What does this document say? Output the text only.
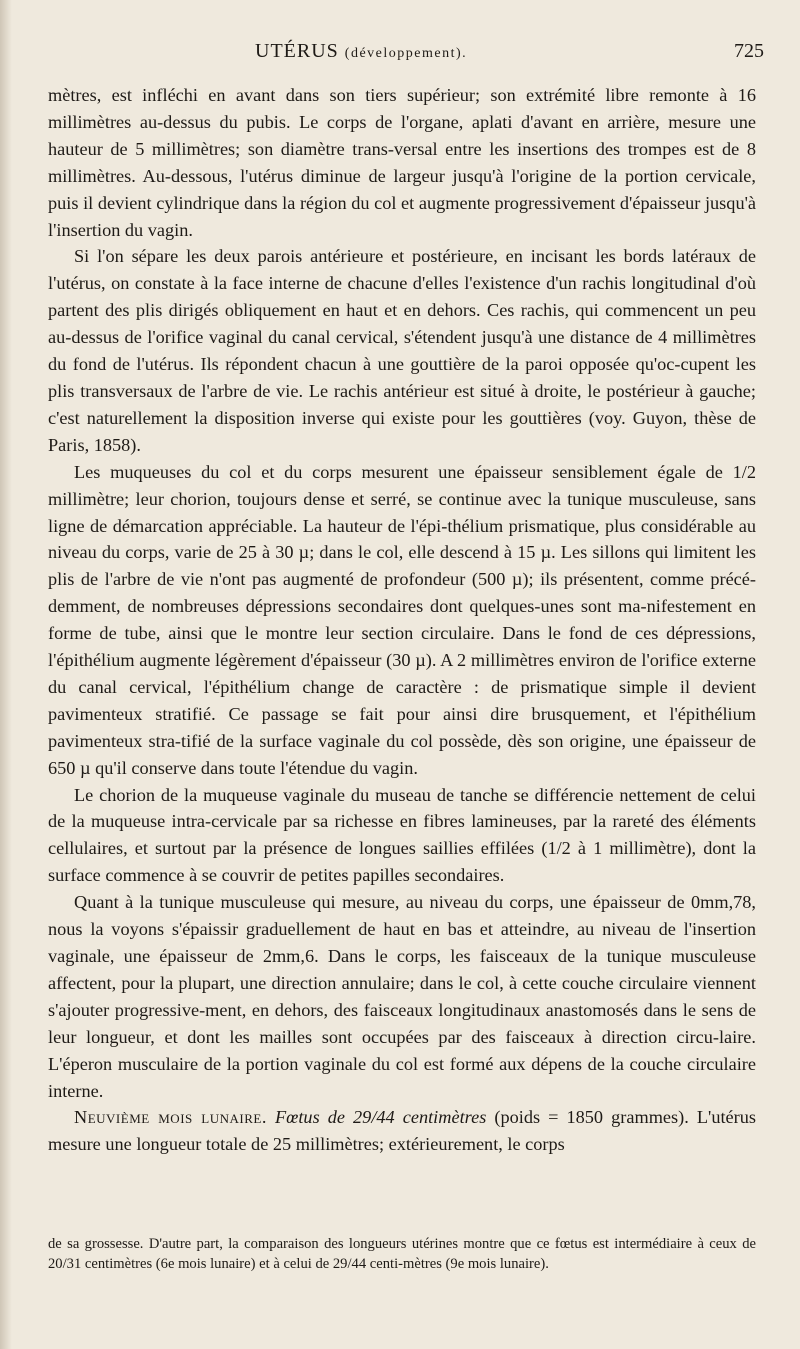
UTÉRUS (développement).	725

mètres, est infléchi en avant dans son tiers supérieur; son extrémité libre remonte à 16 millimètres au-dessus du pubis. Le corps de l'organe, aplati d'avant en arrière, mesure une hauteur de 5 millimètres; son diamètre trans-versal entre les insertions des trompes est de 8 millimètres. Au-dessous, l'utérus diminue de largeur jusqu'à l'origine de la portion cervicale, puis il devient cylindrique dans la région du col et augmente progressivement d'épaisseur jusqu'à l'insertion du vagin.

Si l'on sépare les deux parois antérieure et postérieure, en incisant les bords latéraux de l'utérus, on constate à la face interne de chacune d'elles l'existence d'un rachis longitudinal d'où partent des plis dirigés obliquement en haut et en dehors. Ces rachis, qui commencent un peu au-dessus de l'orifice vaginal du canal cervical, s'étendent jusqu'à une distance de 4 millimètres du fond de l'utérus. Ils répondent chacun à une gouttière de la paroi opposée qu'oc-cupent les plis transversaux de l'arbre de vie. Le rachis antérieur est situé à droite, le postérieur à gauche; c'est naturellement la disposition inverse qui existe pour les gouttières (voy. Guyon, thèse de Paris, 1858).

Les muqueuses du col et du corps mesurent une épaisseur sensiblement égale de 1/2 millimètre; leur chorion, toujours dense et serré, se continue avec la tunique musculeuse, sans ligne de démarcation appréciable. La hauteur de l'épi-thélium prismatique, plus considérable au niveau du corps, varie de 25 à 30 µ; dans le col, elle descend à 15 µ. Les sillons qui limitent les plis de l'arbre de vie n'ont pas augmenté de profondeur (500 µ); ils présentent, comme précé-demment, de nombreuses dépressions secondaires dont quelques-unes sont ma-nifestement en forme de tube, ainsi que le montre leur section circulaire. Dans le fond de ces dépressions, l'épithélium augmente légèrement d'épaisseur (30 µ). A 2 millimètres environ de l'orifice externe du canal cervical, l'épithélium change de caractère : de prismatique simple il devient pavimenteux stratifié. Ce passage se fait pour ainsi dire brusquement, et l'épithélium pavimenteux stra-tifié de la surface vaginale du col possède, dès son origine, une épaisseur de 650 µ qu'il conserve dans toute l'étendue du vagin.

Le chorion de la muqueuse vaginale du museau de tanche se différencie nettement de celui de la muqueuse intra-cervicale par sa richesse en fibres lamineuses, par la rareté des éléments cellulaires, et surtout par la présence de longues saillies effilées (1/2 à 1 millimètre), dont la surface commence à se couvrir de petites papilles secondaires.

Quant à la tunique musculeuse qui mesure, au niveau du corps, une épaisseur de 0mm,78, nous la voyons s'épaissir graduellement de haut en bas et atteindre, au niveau de l'insertion vaginale, une épaisseur de 2mm,6. Dans le corps, les faisceaux de la tunique musculeuse affectent, pour la plupart, une direction annulaire; dans le col, à cette couche circulaire viennent s'ajouter progressive-ment, en dehors, des faisceaux longitudinaux anastomosés dans le sens de leur longueur, et dont les mailles sont occupées par des faisceaux à direction circu-laire. L'éperon musculaire de la portion vaginale du col est formé aux dépens de la couche circulaire interne.

Neuvième mois lunaire. Fœtus de 29/44 centimètres (poids = 1850 grammes). L'utérus mesure une longueur totale de 25 millimètres; extérieurement, le corps

de sa grossesse. D'autre part, la comparaison des longueurs utérines montre que ce fœtus est intermédiaire à ceux de 20/31 centimètres (6e mois lunaire) et à celui de 29/44 centi-mètres (9e mois lunaire).
